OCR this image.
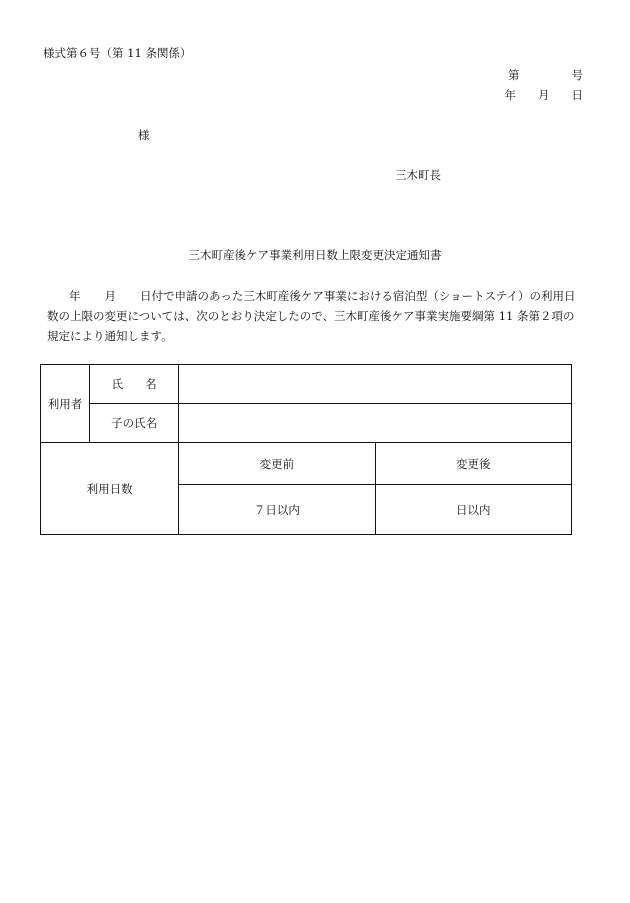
様式第６号（第 11 条関係）
第	号
年 月 日
様
三木町長
三木町産後ケア事業利用日数上限変更決定通知書

年 月 日付で申請のあった三木町産後ケア事業における宿泊型（ショートステイ）の利用日数の上限の変更については、次のとおり決定したので、三木町産後ケア事業実施要綱第 11 条第２項の規定により通知します。

利用者	氏 名		
	子の氏名		
利用日数		変更前	変更後
		７日以内	日以内
